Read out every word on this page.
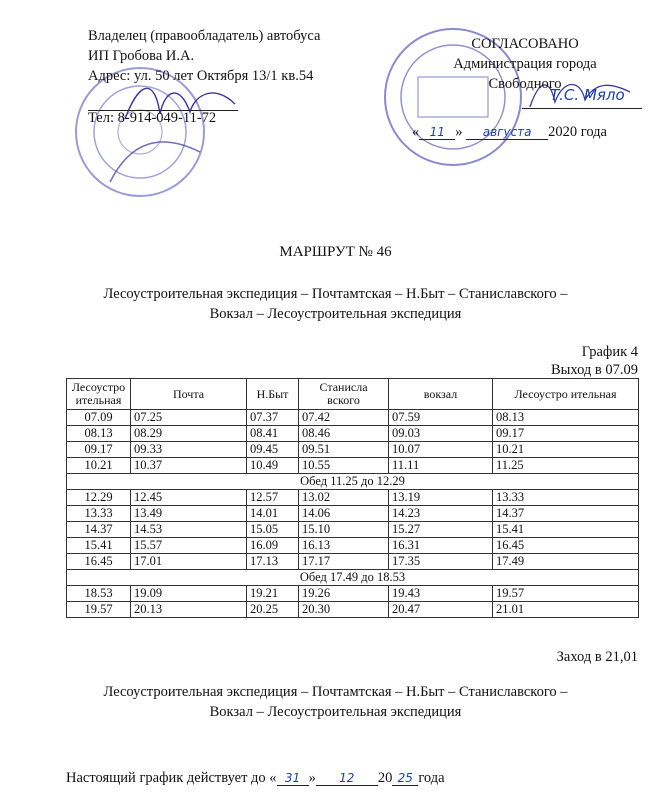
Владелец (правообладатель) автобуса
ИП Гробова И.А.
Адрес: ул. 50 лет Октября 13/1 кв.54
Тел: 8-914-049-11-72
СОГЛАСОВАНО
Администрация города
Свободного
Т.С. Мяло
« 11 » августа 2020 года
МАРШРУТ № 46
Лесоустроительная экспедиция – Почтамтская – Н.Быт – Станиславского –
Вокзал – Лесоустроительная экспедиция
График 4
Выход в 07.09
Лесоустро ительная	Почта	Н.Быт	Станисла вского	вокзал	Лесоустро ительная
07.09	07.25	07.37	07.42	07.59	08.13
08.13	08.29	08.41	08.46	09.03	09.17
09.17	09.33	09.45	09.51	10.07	10.21
10.21	10.37	10.49	10.55	11.11	11.25
Обед 11.25 до 12.29					
12.29	12.45	12.57	13.02	13.19	13.33
13.33	13.49	14.01	14.06	14.23	14.37
14.37	14.53	15.05	15.10	15.27	15.41
15.41	15.57	16.09	16.13	16.31	16.45
16.45	17.01	17.13	17.17	17.35	17.49
Обед 17.49 до 18.53					
18.53	19.09	19.21	19.26	19.43	19.57
19.57	20.13	20.25	20.30	20.47	21.01
Заход в 21,01
Лесоустроительная экспедиция – Почтамтская – Н.Быт – Станиславского –
Вокзал – Лесоустроительная экспедиция
Настоящий график действует до « 31 » 12 20 25 года
